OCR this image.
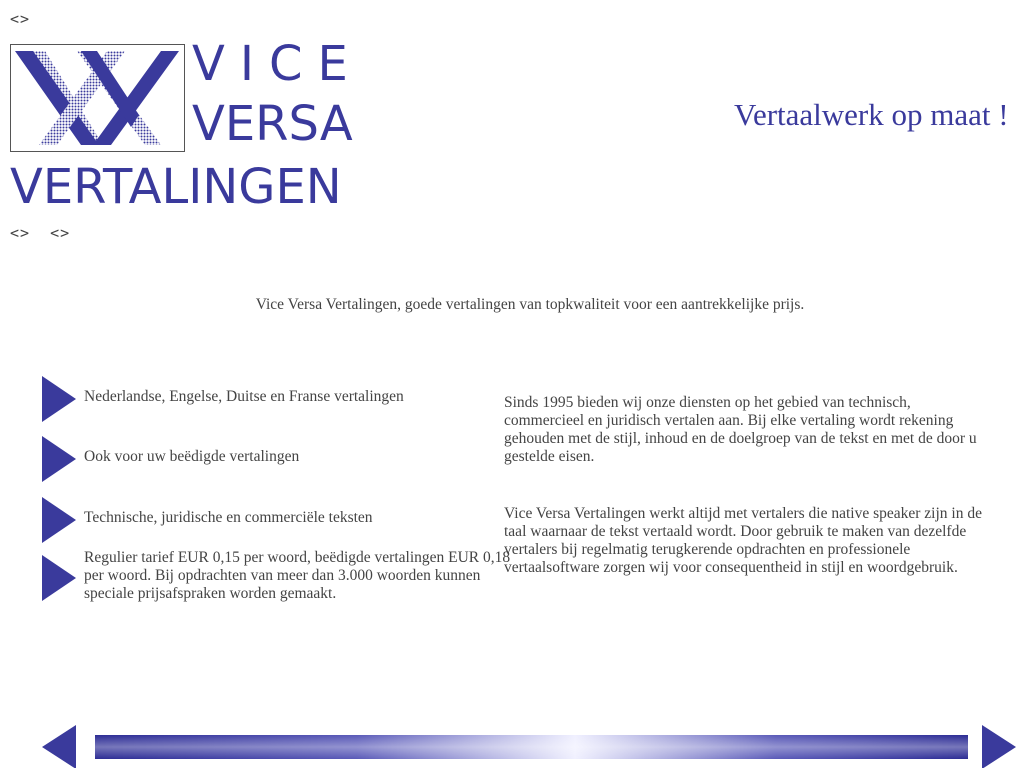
<>
VICE
VERSA
VERTALINGEN
<>  <>
Vertaalwerk op maat !
Vice Versa Vertalingen, goede vertalingen van topkwaliteit voor een aantrekkelijke prijs.
Nederlandse, Engelse, Duitse en Franse vertalingen
Ook voor uw beëdigde vertalingen
Technische, juridische en commerciële teksten
Regulier tarief EUR 0,15 per woord, beëdigde vertalingen EUR 0,18 per woord. Bij opdrachten van meer dan 3.000 woorden kunnen speciale prijsafspraken worden gemaakt.
Sinds 1995 bieden wij onze diensten op het gebied van technisch, commercieel en juridisch vertalen aan. Bij elke vertaling wordt rekening gehouden met de stijl, inhoud en de doelgroep van de tekst en met de door u gestelde eisen.
Vice Versa Vertalingen werkt altijd met vertalers die native speaker zijn in de taal waarnaar de tekst vertaald wordt. Door gebruik te maken van dezelfde vertalers bij regelmatig terugkerende opdrachten en professionele vertaalsoftware zorgen wij voor consequentheid in stijl en woordgebruik.
